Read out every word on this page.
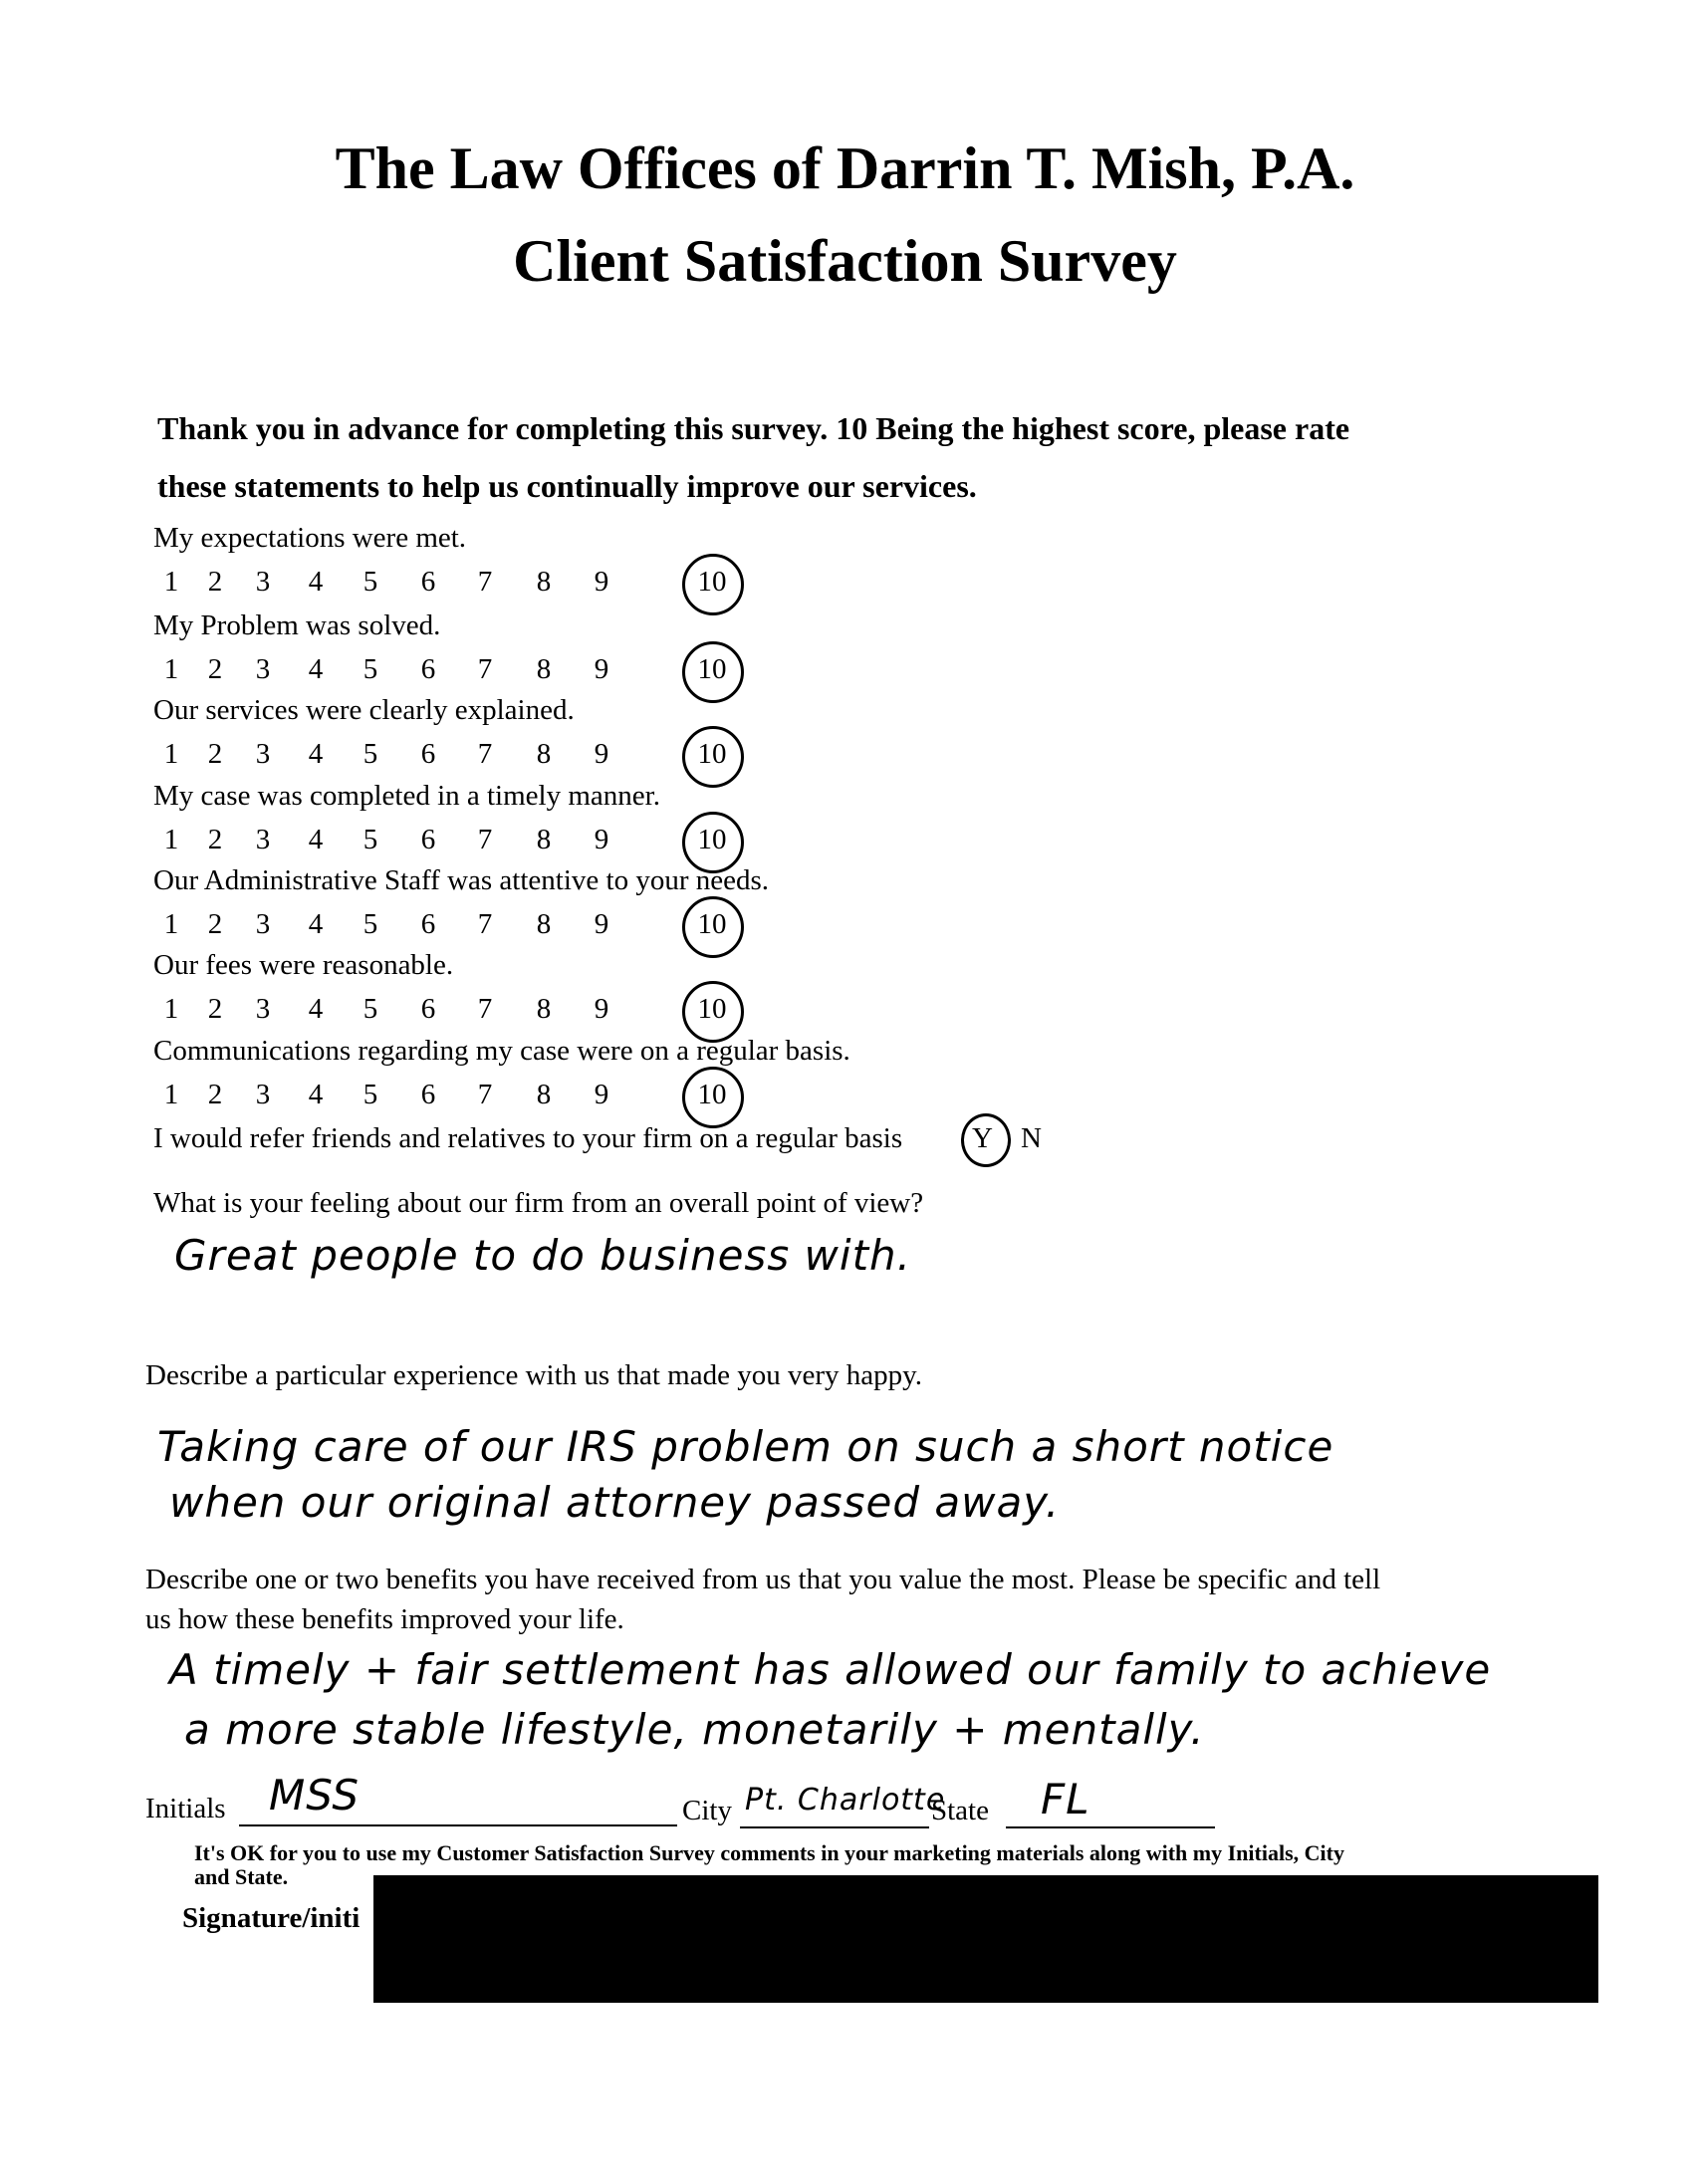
The Law Offices of Darrin T. Mish, P.A.
Client Satisfaction Survey
Thank you in advance for completing this survey. 10 Being the highest score, please rate
these statements to help us continually improve our services.
My expectations were met.
1	2	3	4	5	6	7	8	9	10
My Problem was solved.
1	2	3	4	5	6	7	8	9	10
Our services were clearly explained.
1	2	3	4	5	6	7	8	9	10
My case was completed in a timely manner.
1	2	3	4	5	6	7	8	9	10
Our Administrative Staff was attentive to your needs.
1	2	3	4	5	6	7	8	9	10
Our fees were reasonable.
1	2	3	4	5	6	7	8	9	10
Communications regarding my case were on a regular basis.
1	2	3	4	5	6	7	8	9	10
I would refer friends and relatives to your firm on a regular basis Y N
What is your feeling about our firm from an overall point of view?
Great people to do business with.
Describe a particular experience with us that made you very happy.
Taking care of our IRS problem on such a short notice
when our original attorney passed away.
Describe one or two benefits you have received from us that you value the most. Please be specific and tell
us how these benefits improved your life.
A timely + fair settlement has allowed our family to achieve
a more stable lifestyle, monetarily + mentally.
Initials MSS	City Pt. Charlotte
State FL
It's OK for you to use my Customer Satisfaction Survey comments in your marketing materials along with my Initials, City
and State.
Signature/initi
